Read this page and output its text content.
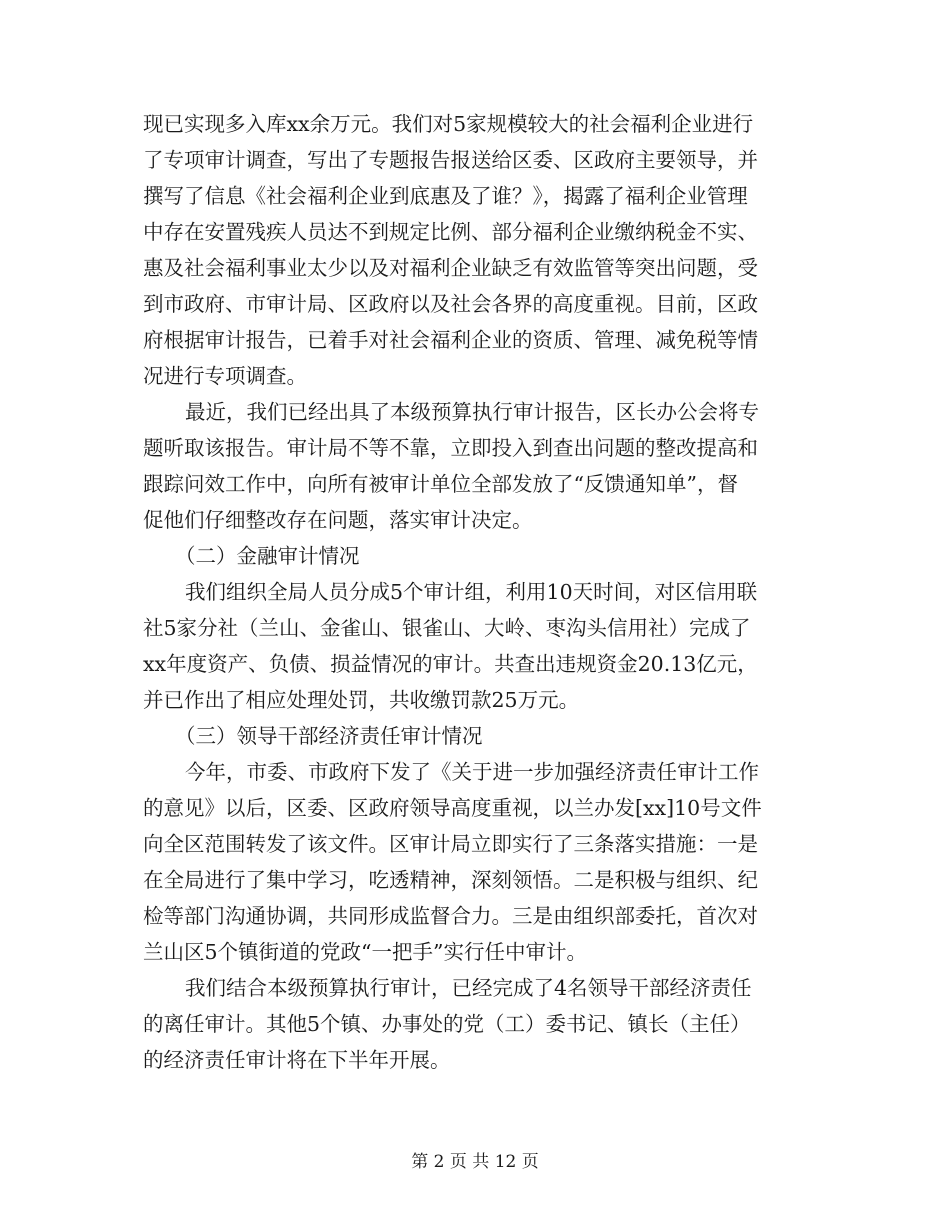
现已实现多入库xx余万元。我们对5家规模较大的社会福利企业进行
了专项审计调查，写出了专题报告报送给区委、区政府主要领导，并
撰写了信息《社会福利企业到底惠及了谁？》，揭露了福利企业管理
中存在安置残疾人员达不到规定比例、部分福利企业缴纳税金不实、
惠及社会福利事业太少以及对福利企业缺乏有效监管等突出问题，受
到市政府、市审计局、区政府以及社会各界的高度重视。目前，区政
府根据审计报告，已着手对社会福利企业的资质、管理、减免税等情
况进行专项调查。
最近，我们已经出具了本级预算执行审计报告，区长办公会将专
题听取该报告。审计局不等不靠，立即投入到查出问题的整改提高和
跟踪问效工作中，向所有被审计单位全部发放了“反馈通知单”，督
促他们仔细整改存在问题，落实审计决定。
（二）金融审计情况
我们组织全局人员分成5个审计组，利用10天时间，对区信用联
社5家分社（兰山、金雀山、银雀山、大岭、枣沟头信用社）完成了
xx年度资产、负债、损益情况的审计。共查出违规资金20.13亿元，
并已作出了相应处理处罚，共收缴罚款25万元。
（三）领导干部经济责任审计情况
今年，市委、市政府下发了《关于进一步加强经济责任审计工作
的意见》以后，区委、区政府领导高度重视，以兰办发[xx]10号文件
向全区范围转发了该文件。区审计局立即实行了三条落实措施：一是
在全局进行了集中学习，吃透精神，深刻领悟。二是积极与组织、纪
检等部门沟通协调，共同形成监督合力。三是由组织部委托，首次对
兰山区5个镇街道的党政“一把手”实行任中审计。
我们结合本级预算执行审计，已经完成了4名领导干部经济责任
的离任审计。其他5个镇、办事处的党（工）委书记、镇长（主任）
的经济责任审计将在下半年开展。
第 2 页 共 12 页
